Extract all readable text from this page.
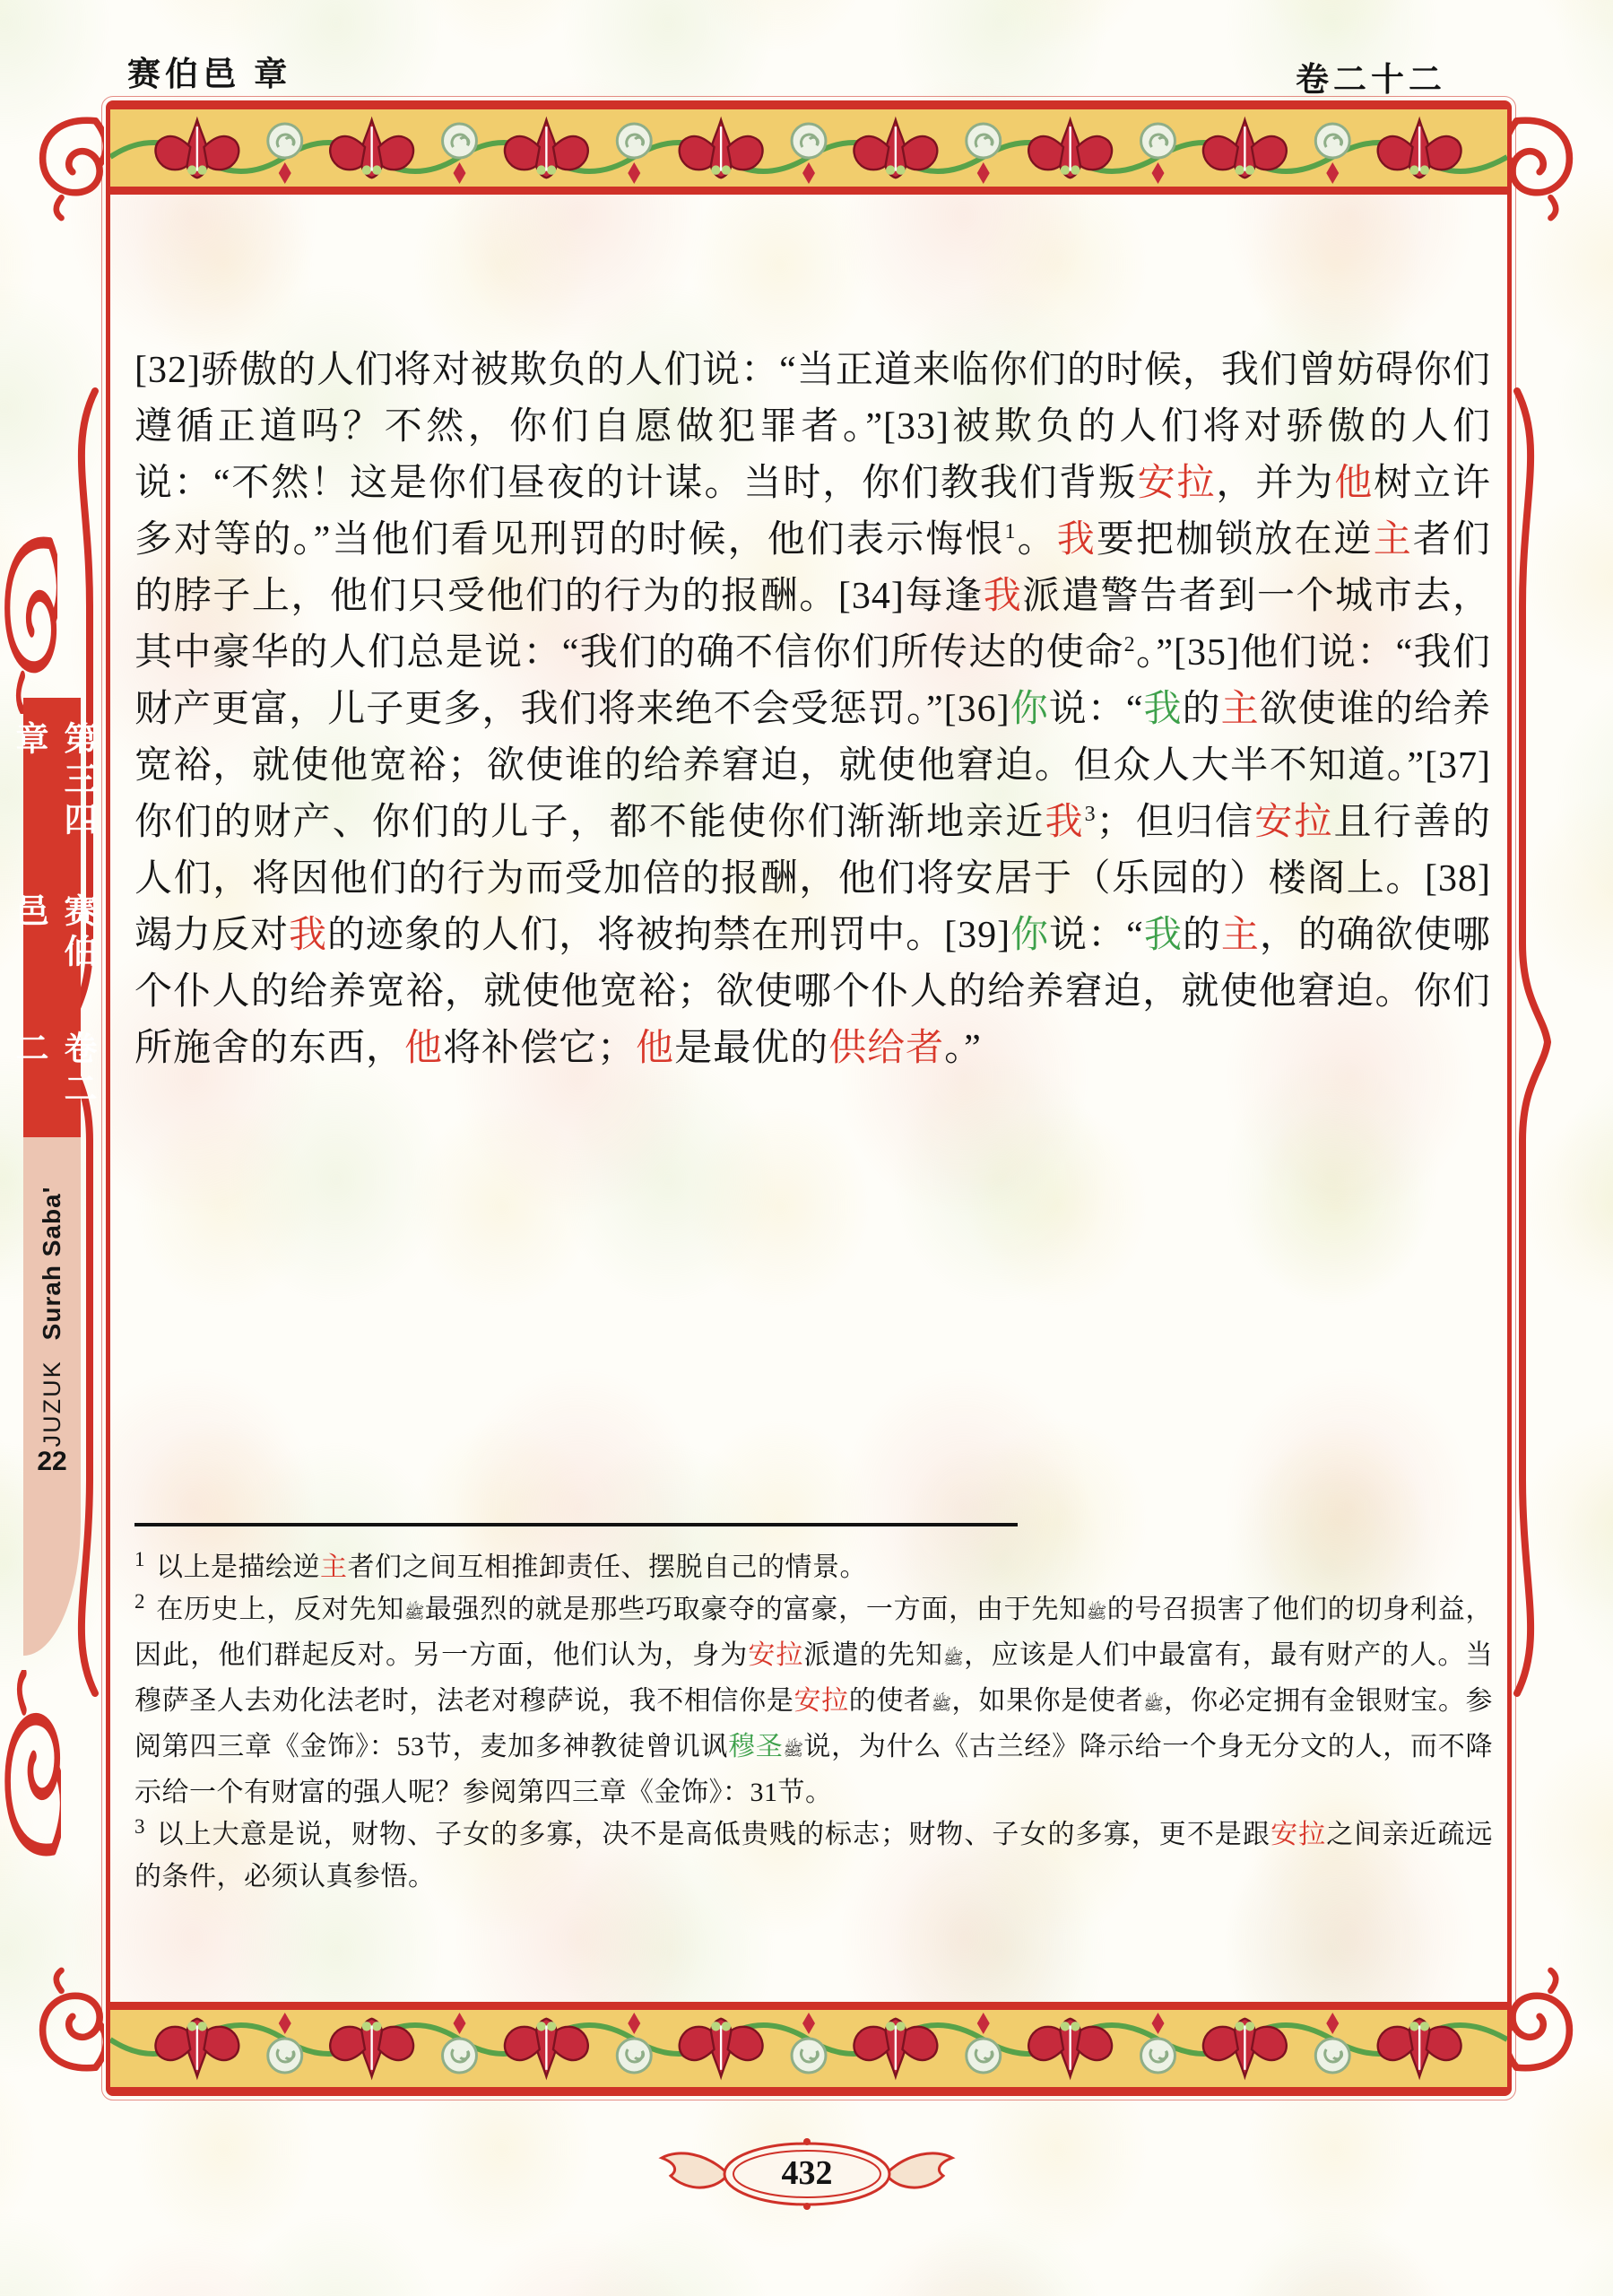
赛伯邑 章	卷二十二
第三四章
赛伯邑
卷二二
JUZUKSurah Saba'
22
[32]骄傲的人们将对被欺负的人们说：“当正道来临你们的时候，我们曾妨碍你们遵循正道吗？不然，你们自愿做犯罪者。”[33]被欺负的人们将对骄傲的人们说：“不然！这是你们昼夜的计谋。当时，你们教我们背叛安拉，并为他树立许多对等的。”当他们看见刑罚的时候，他们表示悔恨$^1$。我要把枷锁放在逆主者们的脖子上，他们只受他们的行为的报酬。[34]每逢我派遣警告者到一个城市去，其中豪华的人们总是说：“我们的确不信你们所传达的使命$^2$。”[35]他们说：“我们财产更富，儿子更多，我们将来绝不会受惩罚。”[36]你说：“我的主欲使谁的给养宽裕，就使他宽裕；欲使谁的给养窘迫，就使他窘迫。但众人大半不知道。”[37]你们的财产、你们的儿子，都不能使你们渐渐地亲近我$^3$；但归信安拉且行善的人们，将因他们的行为而受加倍的报酬，他们将安居于（乐园的）楼阁上。[38]竭力反对我的迹象的人们，将被拘禁在刑罚中。[39]你说：“我的主，的确欲使哪个仆人的给养宽裕，就使他宽裕；欲使哪个仆人的给养窘迫，就使他窘迫。你们所施舍的东西，他将补偿它；他是最优的供给者。”
$^1$ 以上是描绘逆主者们之间互相推卸责任、摆脱自己的情景。
$^2$ 在历史上，反对先知ﷺ最强烈的就是那些巧取豪夺的富豪，一方面，由于先知ﷺ的号召损害了他们的切身利益，因此，他们群起反对。另一方面，他们认为，身为安拉派遣的先知ﷺ，应该是人们中最富有，最有财产的人。当穆萨圣人去劝化法老时，法老对穆萨说，我不相信你是安拉的使者ﷺ，如果你是使者ﷺ，你必定拥有金银财宝。参阅第四三章《金饰》：53节，麦加多神教徒曾讥讽穆圣ﷺ说，为什么《古兰经》降示给一个身无分文的人，而不降示给一个有财富的强人呢？参阅第四三章《金饰》：31节。
$^3$ 以上大意是说，财物、子女的多寡，决不是高低贵贱的标志；财物、子女的多寡，更不是跟安拉之间亲近疏远的条件，必须认真参悟。
432
